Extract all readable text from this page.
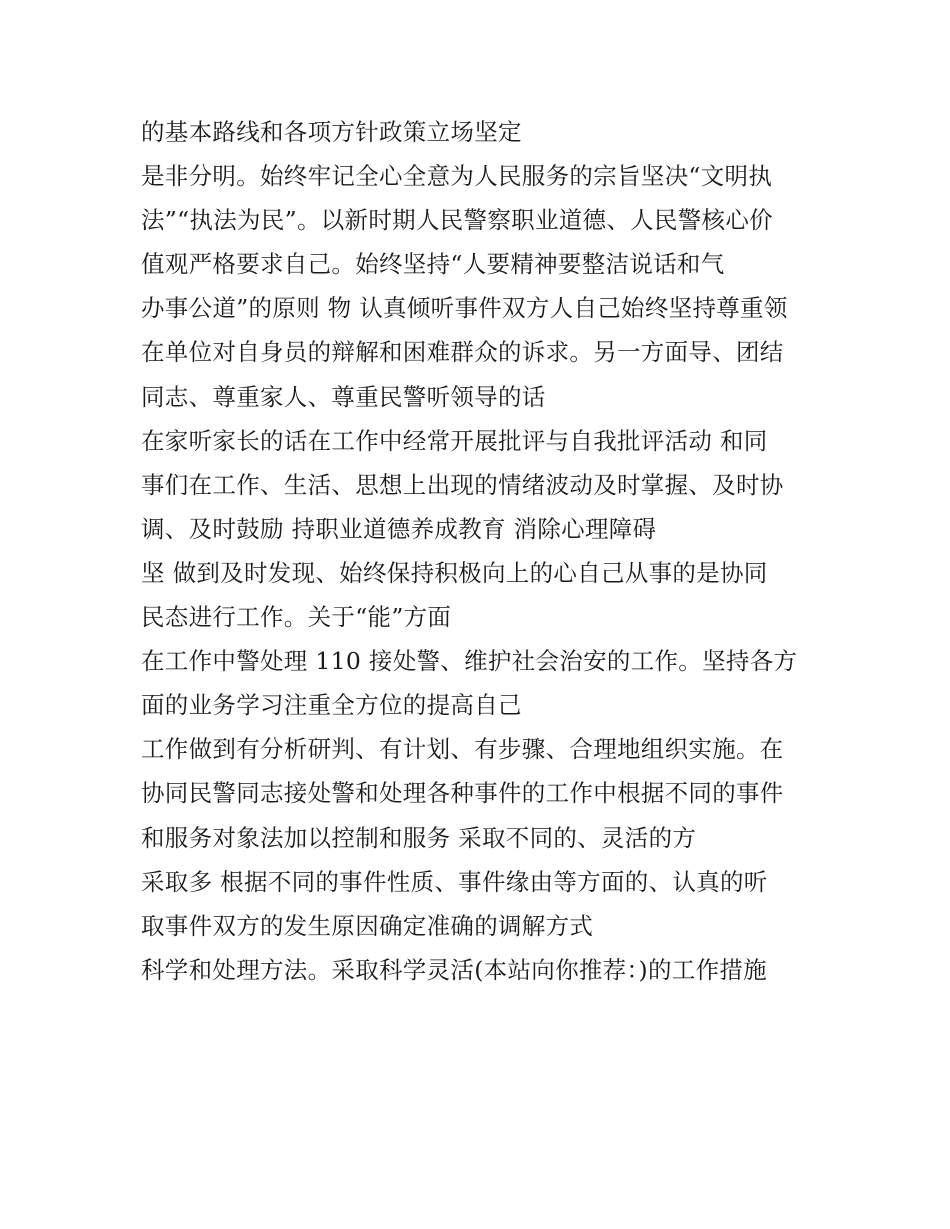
的基本路线和各项方针政策立场坚定
是非分明。始终牢记全心全意为人民服务的宗旨坚决“文明执
法”“执法为民”。以新时期人民警察职业道德、人民警核心价
值观严格要求自己。始终坚持“人要精神要整洁说话和气
办事公道”的原则 物 认真倾听事件双方人自己始终坚持尊重领
在单位对自身员的辩解和困难群众的诉求。另一方面导、团结
同志、尊重家人、尊重民警听领导的话
在家听家长的话在工作中经常开展批评与自我批评活动 和同
事们在工作、生活、思想上出现的情绪波动及时掌握、及时协
调、及时鼓励 持职业道德养成教育 消除心理障碍
坚 做到及时发现、始终保持积极向上的心自己从事的是协同
民态进行工作。关于“能”方面
在工作中警处理 110 接处警、维护社会治安的工作。坚持各方
面的业务学习注重全方位的提高自己
工作做到有分析研判、有计划、有步骤、合理地组织实施。在
协同民警同志接处警和处理各种事件的工作中根据不同的事件
和服务对象法加以控制和服务 采取不同的、灵活的方
采取多 根据不同的事件性质、事件缘由等方面的、认真的听
取事件双方的发生原因确定准确的调解方式
科学和处理方法。采取科学灵活(本站向你推荐：)的工作措施
